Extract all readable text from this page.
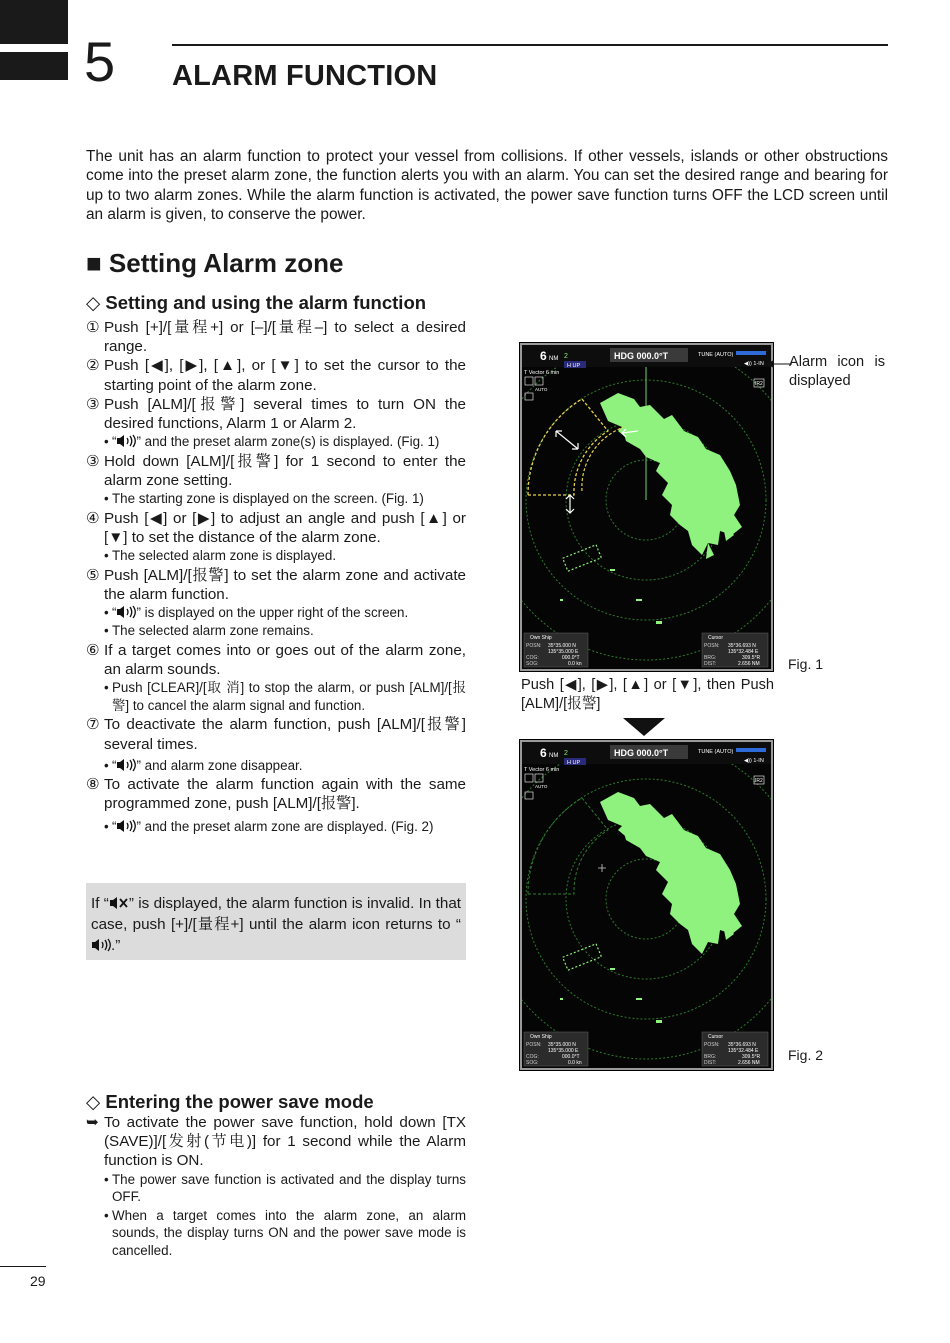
5 ALARM FUNCTION
The unit has an alarm function to protect your vessel from collisions. If other vessels, islands or other obstructions come into the preset alarm zone, the function alerts you with an alarm. You can set the desired range and bearing for up to two alarm zones. While the alarm function is activated, the power save function turns OFF the LCD screen until an alarm is given, to conserve the power.
■ Setting Alarm zone
◇ Setting and using the alarm function
① Push [+]/[量程+] or [–]/[量程–] to select a desired range.
② Push [◀], [▶], [▲], or [▼] to set the cursor to the starting point of the alarm zone.
③ Push [ALM]/[报警] several times to turn ON the desired functions, Alarm 1 or Alarm 2.
• “ ” and the preset alarm zone(s) is displayed. (Fig. 1)
③ Hold down [ALM]/[报警] for 1 second to enter the alarm zone setting.
• The starting zone is displayed on the screen. (Fig. 1)
④ Push [◀] or [▶] to adjust an angle and push [▲] or [▼] to set the distance of the alarm zone.
• The selected alarm zone is displayed.
⑤ Push [ALM]/[报警] to set the alarm zone and activate the alarm function.
• “ ” is displayed on the upper right of the screen.
• The selected alarm zone remains.
⑥ If a target comes into or goes out of the alarm zone, an alarm sounds.
• Push [CLEAR]/[取 消] to stop the alarm, or push [ALM]/[报警] to cancel the alarm signal and function.
⑦ To deactivate the alarm function, push [ALM]/[报警] several times.
• “ ” and alarm zone disappear.
⑧ To activate the alarm function again with the same programmed zone, push [ALM]/[报警].
• “ ” and the preset alarm zone are displayed. (Fig. 2)
If “ ” is displayed, the alarm function is invalid. In that case, push [+]/[量程+] until the alarm icon returns to “.”
◇ Entering the power save mode
➥ To activate the power save function, hold down [TX (SAVE)]/[发射(节电)] for 1 second while the Alarm function is ON.
• The power save function is activated and the display turns OFF.
• When a target comes into the alarm zone, an alarm sounds, the display turns ON and the power save mode is cancelled.
6 NM 2
H UP
HDG 000.0°T	TUNE (AUTO)
T Vector 6 min
◀)) 1-IN
IR2
AUTO
Own Ship
POSN: 35°35.000 N
135°35.000 E
COG:	000.0°T
SOG:	0.0 kn
Cursor
POSN: 35°36.693 N
135°32.484 E
BRG:	309.5°R
DIST:	2.656 NM
Alarm icon is displayed
Fig. 1
Push [◀], [▶], [▲] or [▼], then Push [ALM]/[报警]
6 NM 2
H UP
HDG 000.0°T	TUNE (AUTO)
T Vector 6 min
◀)) 1-IN
IR2
AUTO
Own Ship
POSN: 35°35.000 N
135°35.000 E
COG:	000.0°T
SOG:	0.0 kn
Cursor
POSN: 35°36.693 N
135°32.484 E
BRG:	309.5°R
DIST:	2.656 NM Fig. 2
29
